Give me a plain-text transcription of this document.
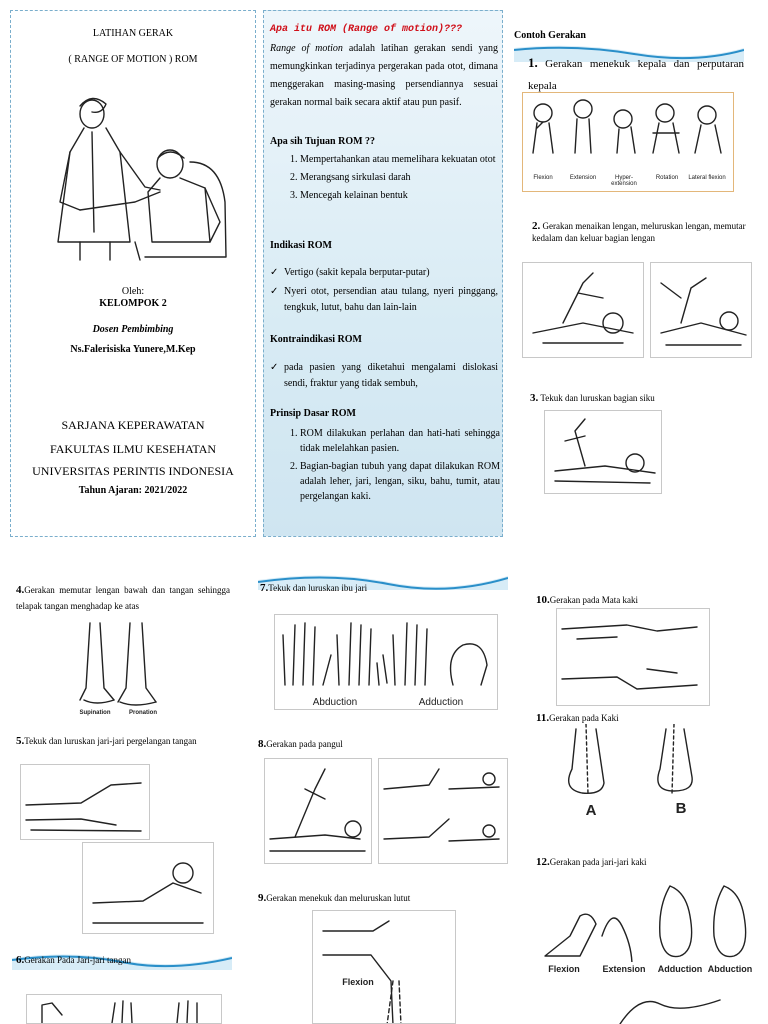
LATIHAN GERAK
( RANGE OF MOTION ) ROM
Oleh:
KELOMPOK 2
Dosen Pembimbing
Ns.Falerisiska Yunere,M.Kep
SARJANA KEPERAWATAN
FAKULTAS ILMU KESEHATAN
UNIVERSITAS PERINTIS INDONESIA
Tahun Ajaran: 2021/2022
Apa itu ROM (Range of motion)???
Range of motion adalah latihan gerakan sendi yang memungkinkan terjadinya pergerakan pada otot, dimana menggerakan masing-masing persendiannya sesuai gerakan normal baik secara aktif atau pun pasif.
Apa sih Tujuan ROM ??
1. Mempertahankan atau memelihara kekuatan otot
2. Merangsang sirkulasi darah
3. Mencegah kelainan bentuk
Indikasi ROM
✓ Vertigo (sakit kepala berputar-putar)
✓ Nyeri otot, persendian atau tulang, nyeri pinggang, tengkuk, lutut, bahu dan lain-lain
Kontraindikasi ROM
✓ pada pasien yang diketahui mengalami dislokasi sendi, fraktur yang tidak sembuh,
Prinsip Dasar ROM
1. ROM dilakukan perlahan dan hati-hati sehingga tidak melelahkan pasien.
2. Bagian-bagian tubuh yang dapat dilakukan ROM adalah leher, jari, lengan, siku, bahu, tumit, atau pergelangan kaki.
Contoh Gerakan
1. Gerakan menekuk kepala dan perputaran kepala
Flexion	Extension	Hyper-extension
Rotation	Lateral flexion
2. Gerakan menaikan lengan, meluruskan lengan, memutar kedalam dan keluar bagian lengan
3. Tekuk dan luruskan bagian siku
4.Gerakan memutar lengan bawah dan tangan sehingga telapak tangan menghadap ke atas
Supination	Pronation
5.Tekuk dan luruskan jari-jari pergelangan tangan
6.Gerakan Pada Jari-jari tangan
7.Tekuk dan luruskan ibu jari
Abduction	Adduction
8.Gerakan pada pangul
9.Gerakan menekuk dan meluruskan lutut
Flexion
10.Gerakan pada Mata kaki
11.Gerakan pada Kaki
A	B
12.Gerakan pada jari-jari kaki
Flexion	Extension	Adduction Abduction
